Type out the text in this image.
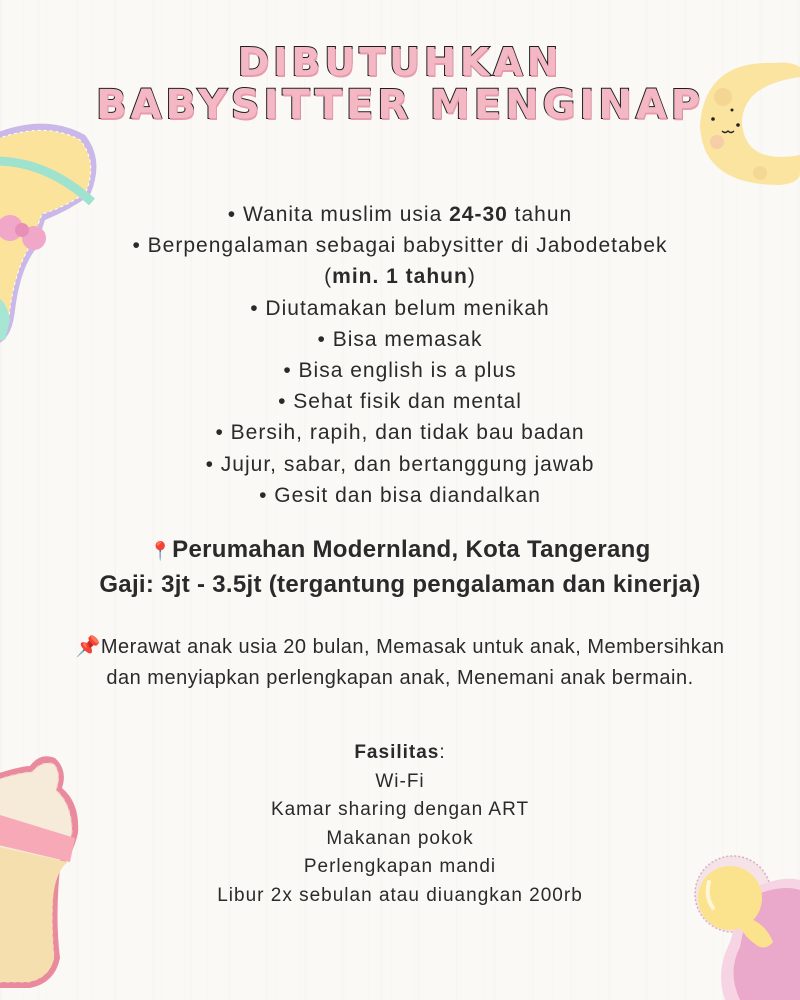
DIBUTUHKAN
BABYSITTER MENGINAP
• Wanita muslim usia 24-30 tahun
• Berpengalaman sebagai babysitter di Jabodetabek
(min. 1 tahun)
• Diutamakan belum menikah
• Bisa memasak
• Bisa english is a plus
• Sehat fisik dan mental
• Bersih, rapih, dan tidak bau badan
• Jujur, sabar, dan bertanggung jawab
• Gesit dan bisa diandalkan
📍Perumahan Modernland, Kota Tangerang
Gaji: 3jt - 3.5jt (tergantung pengalaman dan kinerja)
📌Merawat anak usia 20 bulan, Memasak untuk anak, Membersihkan dan menyiapkan perlengkapan anak, Menemani anak bermain.
Fasilitas:
Wi-Fi
Kamar sharing dengan ART
Makanan pokok
Perlengkapan mandi
Libur 2x sebulan atau diuangkan 200rb
